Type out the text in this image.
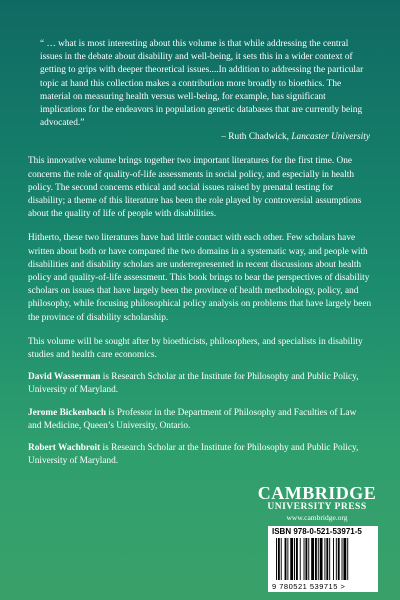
“ … what is most interesting about this volume is that while addressing the central issues in the debate about disability and well-being, it sets this in a wider context of getting to grips with deeper theoretical issues....In addition to addressing the particular topic at hand this collection makes a contribution more broadly to bioethics. The material on measuring health versus well-being, for example, has significant implications for the endeavors in population genetic databases that are currently being advocated.”
– Ruth Chadwick, Lancaster University

This innovative volume brings together two important literatures for the first time. One concerns the role of quality-of-life assessments in social policy, and especially in health policy. The second concerns ethical and social issues raised by prenatal testing for disability; a theme of this literature has been the role played by controversial assumptions about the quality of life of people with disabilities.

Hitherto, these two literatures have had little contact with each other. Few scholars have written about both or have compared the two domains in a systematic way, and people with disabilities and disability scholars are underrepresented in recent discussions about health policy and quality-of-life assessment. This book brings to bear the perspectives of disability scholars on issues that have largely been the province of health methodology, policy, and philosophy, while focusing philosophical policy analysis on problems that have largely been the province of disability scholarship.

This volume will be sought after by bioethicists, philosophers, and specialists in disability studies and health care economics.

David Wasserman is Research Scholar at the Institute for Philosophy and Public Policy, University of Maryland.

Jerome Bickenbach is Professor in the Department of Philosophy and Faculties of Law and Medicine, Queen’s University, Ontario.

Robert Wachbroit is Research Scholar at the Institute for Philosophy and Public Policy, University of Maryland.

CAMBRIDGE
UNIVERSITY PRESS
www.cambridge.org
ISBN 978-0-521-53971-5
9 780521 539715 >
